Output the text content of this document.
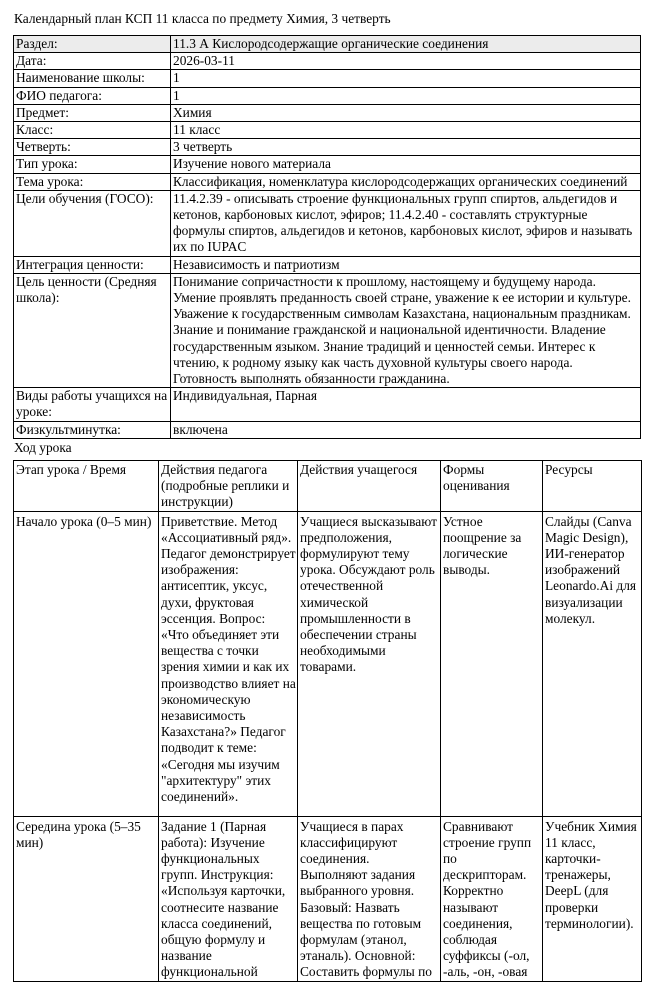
Календарный план КСП 11 класса по предмету Химия, 3 четверть
Раздел:	11.3 А Кислородсодержащие органические соединения
Дата:	2026-03-11
Наименование школы:	1
ФИО педагога:	1
Предмет:	Химия
Класс:	11 класс
Четверть:	3 четверть
Тип урока:	Изучение нового материала
Тема урока:	Классификация, номенклатура кислородсодержащих органических соединений
Цели обучения (ГОСО):	11.4.2.39 - описывать строение функциональных групп спиртов, альдегидов и кетонов, карбоновых кислот, эфиров; 11.4.2.40 - составлять структурные формулы спиртов, альдегидов и кетонов, карбоновых кислот, эфиров и называть их по IUPAC
Интеграция ценности:	Независимость и патриотизм
Цель ценности (Средняя школа):	Понимание сопричастности к прошлому, настоящему и будущему народа. Умение проявлять преданность своей стране, уважение к ее истории и культуре. Уважение к государственным символам Казахстана, национальным праздникам. Знание и понимание гражданской и национальной идентичности. Владение государственным языком. Знание традиций и ценностей семьи. Интерес к чтению, к родному языку как часть духовной культуры своего народа. Готовность выполнять обязанности гражданина.
Виды работы учащихся на уроке:	Индивидуальная, Парная
Физкультминутка:	включена
Ход урока
Этап урока / Время	Действия педагога (подробные реплики и инструкции)	Действия учащегося	Формы оценивания	Ресурсы
Начало урока (0–5 мин)	Приветствие. Метод «Ассоциативный ряд». Педагог демонстрирует изображения: антисептик, уксус, духи, фруктовая эссенция. Вопрос: «Что объединяет эти вещества с точки зрения химии и как их производство влияет на экономическую независимость Казахстана?» Педагог подводит к теме: «Сегодня мы изучим "архитектуру" этих соединений».	Учащиеся высказывают предположения, формулируют тему урока. Обсуждают роль отечественной химической промышленности в обеспечении страны необходимыми товарами.	Устное поощрение за логические выводы.	Слайды (Canva Magic Design), ИИ-генератор изображений Leonardo.Ai для визуализации молекул.
Середина урока (5–35 мин)	Задание 1 (Парная работа): Изучение функциональных групп. Инструкция: «Используя карточки, соотнесите название класса соединений, общую формулу и название функциональной	Учащиеся в парах классифицируют соединения. Выполняют задания выбранного уровня. Базовый: Назвать вещества по готовым формулам (этанол, этаналь). Основной: Составить формулы по	Сравнивают строение групп по дескрипторам. Корректно называют соединения, соблюдая суффиксы (-ол, -аль, -он, -овая	Учебник Химия 11 класс, карточки-тренажеры, DeepL (для проверки терминологии).
